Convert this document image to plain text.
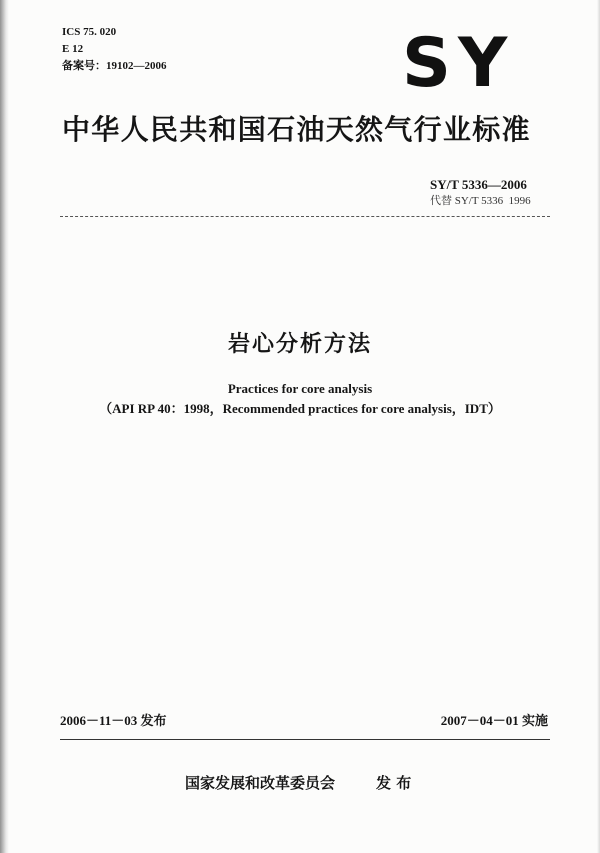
ICS 75. 020
E 12
备案号：19102—2006	SY
中华人民共和国石油天然气行业标准
SY/T 5336—2006
代替 SY/T 5336  1996
岩心分析方法
Practices for core analysis
（API RP 40：1998，Recommended practices for core analysis，IDT）
2006－11－03 发布	2007－04－01 实施
国家发展和改革委员会	发 布
